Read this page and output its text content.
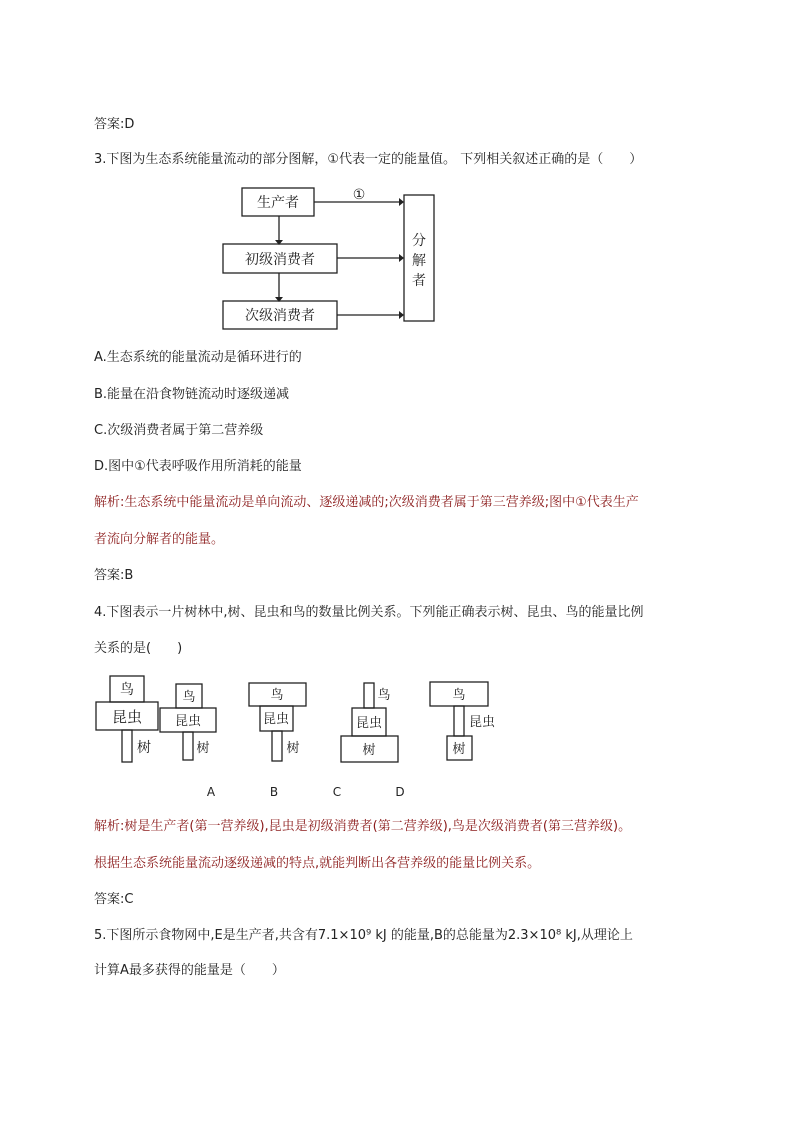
答案:D
3.下图为生态系统能量流动的部分图解，①代表一定的能量值。 下列相关叙述正确的是（　　）
生产者
初级消费者
次级消费者
分
解
者
①
A.生态系统的能量流动是循环进行的
B.能量在沿食物链流动时逐级递减
C.次级消费者属于第二营养级
D.图中①代表呼吸作用所消耗的能量
解析:生态系统中能量流动是单向流动、逐级递减的;次级消费者属于第三营养级;图中①代表生产
者流向分解者的能量。
答案:B
4.下图表示一片树林中,树、昆虫和鸟的数量比例关系。下列能正确表示树、昆虫、鸟的能量比例
关系的是(　　)
鸟
昆虫
树
鸟
昆虫
树
鸟
昆虫
树
鸟
昆虫
树
鸟
昆虫
树
A	B	C	D
解析:树是生产者(第一营养级),昆虫是初级消费者(第二营养级),鸟是次级消费者(第三营养级)。
根据生态系统能量流动逐级递减的特点,就能判断出各营养级的能量比例关系。
答案:C
5.下图所示食物网中,E是生产者,共含有7.1×10⁹ kJ 的能量,B的总能量为2.3×10⁸ kJ,从理论上
计算A最多获得的能量是（　　）
